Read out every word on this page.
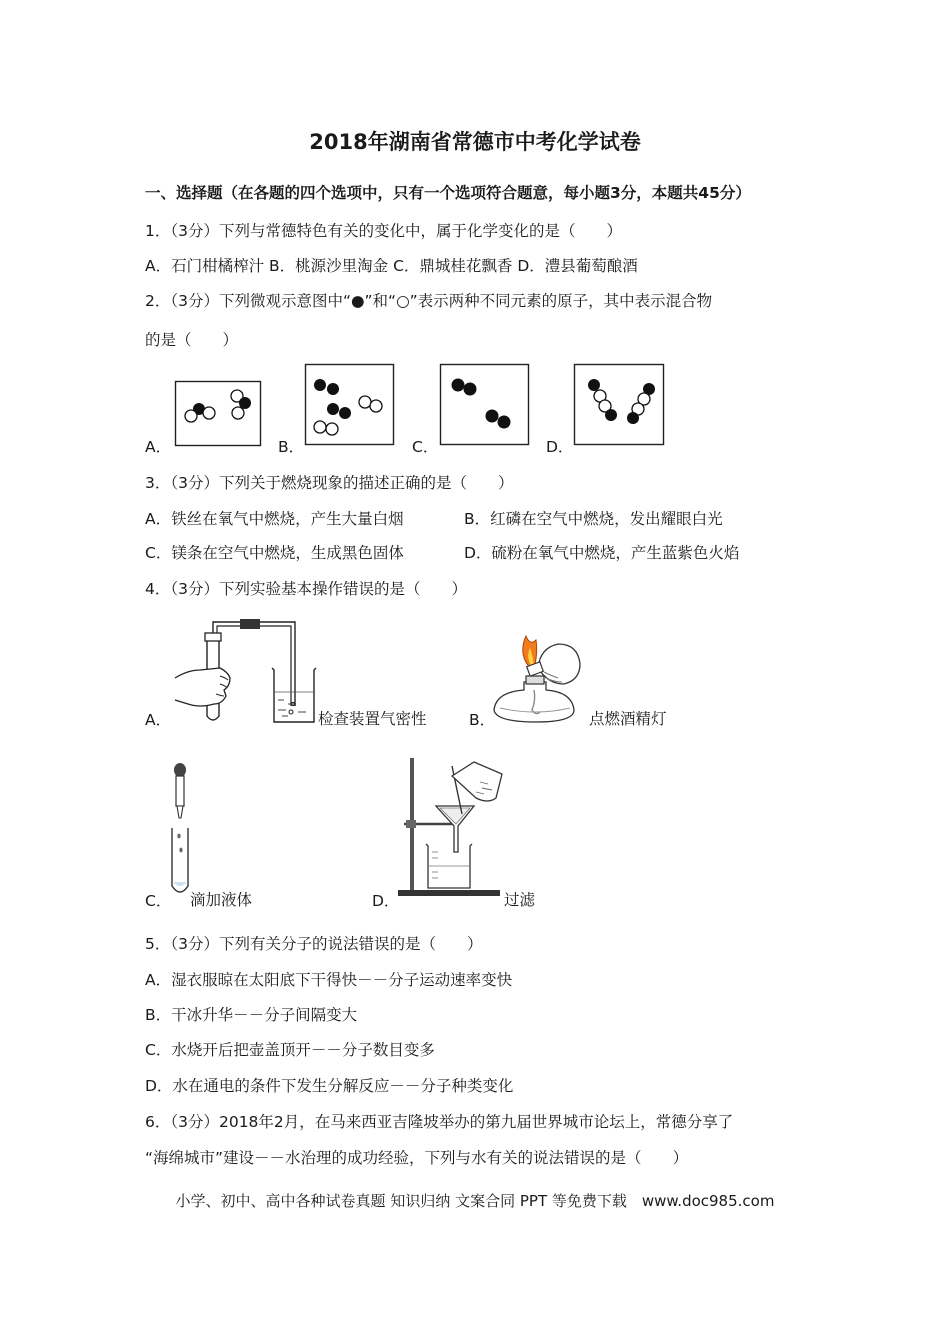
2018年湖南省常德市中考化学试卷
一、选择题（在各题的四个选项中，只有一个选项符合题意，每小题3分，本题共45分）
1．（3分）下列与常德特色有关的变化中，属于化学变化的是（　　）
A．石门柑橘榨汁 B．桃源沙里淘金 C．鼎城桂花飘香 D．澧县葡萄酿酒
2．（3分）下列微观示意图中“●”和“○”表示两种不同元素的原子，其中表示混合物
的是（　　）
A．	B．	C．	D．
3．（3分）下列关于燃烧现象的描述正确的是（　　）
A．铁丝在氧气中燃烧，产生大量白烟	B．红磷在空气中燃烧，发出耀眼白光
C．镁条在空气中燃烧，生成黑色固体	D．硫粉在氧气中燃烧，产生蓝紫色火焰
4．（3分）下列实验基本操作错误的是（　　）
A．	检查装置气密性	B．	点燃酒精灯
C． 滴加液体	D．	过滤
5．（3分）下列有关分子的说法错误的是（　　）
A．湿衣服晾在太阳底下干得快－－分子运动速率变快
B．干冰升华－－分子间隔变大
C．水烧开后把壶盖顶开－－分子数目变多
D．水在通电的条件下发生分解反应－－分子种类变化
6．（3分）2018年2月，在马来西亚吉隆坡举办的第九届世界城市论坛上，常德分享了
“海绵城市”建设－－水治理的成功经验，下列与水有关的说法错误的是（　　）
小学、初中、高中各种试卷真题 知识归纳 文案合同 PPT 等免费下载　www.doc985.com
